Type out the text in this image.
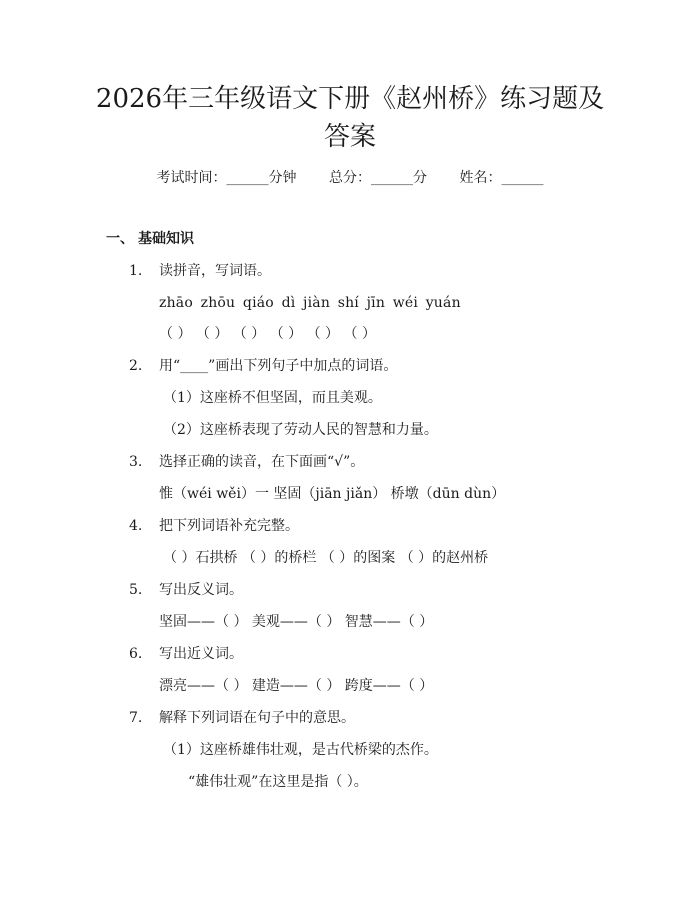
2026年三年级语文下册《赵州桥》练习题及
答案
考试时间：______分钟 总分：______分 姓名：______
一、 基础知识
1. 读拼音，写词语。
zhāo zhōu qiáo dì jiàn shí jīn wéi yuán
（ ） （ ） （ ） （ ） （ ） （ ）
2. 用“____”画出下列句子中加点的词语。
（1）这座桥不但坚固，而且美观。
（2）这座桥表现了劳动人民的智慧和力量。
3. 选择正确的读音，在下面画“√”。
惟（wéi wěi）一 坚固（jiān jiǎn） 桥墩（dūn dùn）
4. 把下列词语补充完整。
（ ）石拱桥 （ ）的桥栏 （ ）的图案 （ ）的赵州桥
5. 写出反义词。
坚固——（ ） 美观——（ ） 智慧——（ ）
6. 写出近义词。
漂亮——（ ） 建造——（ ） 跨度——（ ）
7. 解释下列词语在句子中的意思。
（1）这座桥雄伟壮观，是古代桥梁的杰作。
“雄伟壮观”在这里是指（ ）。
